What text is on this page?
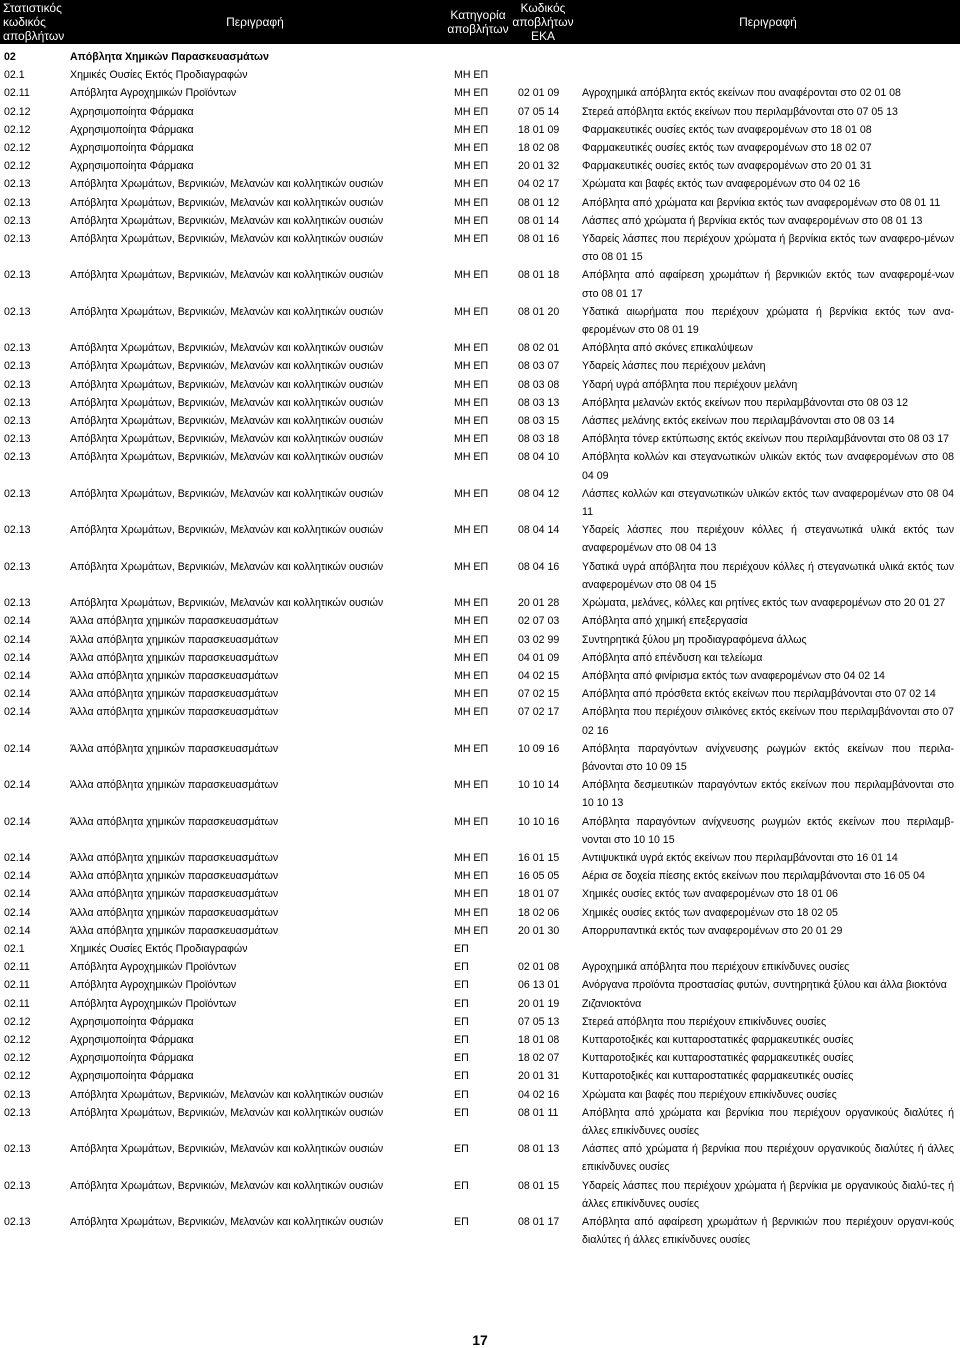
Στατιστικός κωδικός αποβλήτων	Περιγραφή	Κατηγορία αποβλήτων	Κωδικός αποβλήτων ΕΚΑ	Περιγραφή
02	Απόβλητα Χημικών Παρασκευασμάτων			
02.1	Χημικές Ουσίες Εκτός Προδιαγραφών	ΜΗ ΕΠ		
02.11	Απόβλητα Αγροχημικών Προϊόντων	ΜΗ ΕΠ	02 01 09	Αγροχημικά απόβλητα εκτός εκείνων που αναφέρονται στο 02 01 08
02.12	Αχρησιμοποίητα Φάρμακα	ΜΗ ΕΠ	07 05 14	Στερεά απόβλητα εκτός εκείνων που περιλαμβάνονται στο 07 05 13
02.12	Αχρησιμοποίητα Φάρμακα	ΜΗ ΕΠ	18 01 09	Φαρμακευτικές ουσίες εκτός των αναφερομένων στο 18 01 08
02.12	Αχρησιμοποίητα Φάρμακα	ΜΗ ΕΠ	18 02 08	Φαρμακευτικές ουσίες εκτός των αναφερομένων στο 18 02 07
02.12	Αχρησιμοποίητα Φάρμακα	ΜΗ ΕΠ	20 01 32	Φαρμακευτικές ουσίες εκτός των αναφερομένων στο 20 01 31
02.13	Απόβλητα Χρωμάτων, Βερνικιών, Μελανών και κολλητικών ουσιών	ΜΗ ΕΠ	04 02 17	Χρώματα και βαφές εκτός των αναφερομένων στο 04 02 16
02.13	Απόβλητα Χρωμάτων, Βερνικιών, Μελανών και κολλητικών ουσιών	ΜΗ ΕΠ	08 01 12	Απόβλητα από χρώματα και βερνίκια εκτός των αναφερομένων στο 08 01 11
02.13	Απόβλητα Χρωμάτων, Βερνικιών, Μελανών και κολλητικών ουσιών	ΜΗ ΕΠ	08 01 14	Λάσπες από χρώματα ή βερνίκια εκτός των αναφερομένων στο 08 01 13
02.13	Απόβλητα Χρωμάτων, Βερνικιών, Μελανών και κολλητικών ουσιών	ΜΗ ΕΠ	08 01 16	Υδαρείς λάσπες που περιέχουν χρώματα ή βερνίκια εκτός των αναφερο-μένων στο 08 01 15
02.13	Απόβλητα Χρωμάτων, Βερνικιών, Μελανών και κολλητικών ουσιών	ΜΗ ΕΠ	08 01 18	Απόβλητα από αφαίρεση χρωμάτων ή βερνικιών εκτός των αναφερομέ-νων στο 08 01 17
02.13	Απόβλητα Χρωμάτων, Βερνικιών, Μελανών και κολλητικών ουσιών	ΜΗ ΕΠ	08 01 20	Υδατικά αιωρήματα που περιέχουν χρώματα ή βερνίκια εκτός των ανα-φερομένων στο 08 01 19
02.13	Απόβλητα Χρωμάτων, Βερνικιών, Μελανών και κολλητικών ουσιών	ΜΗ ΕΠ	08 02 01	Απόβλητα από σκόνες επικαλύψεων
02.13	Απόβλητα Χρωμάτων, Βερνικιών, Μελανών και κολλητικών ουσιών	ΜΗ ΕΠ	08 03 07	Υδαρείς λάσπες που περιέχουν μελάνη
02.13	Απόβλητα Χρωμάτων, Βερνικιών, Μελανών και κολλητικών ουσιών	ΜΗ ΕΠ	08 03 08	Υδαρή υγρά απόβλητα που περιέχουν μελάνη
02.13	Απόβλητα Χρωμάτων, Βερνικιών, Μελανών και κολλητικών ουσιών	ΜΗ ΕΠ	08 03 13	Απόβλητα μελανών εκτός εκείνων που περιλαμβάνονται στο 08 03 12
02.13	Απόβλητα Χρωμάτων, Βερνικιών, Μελανών και κολλητικών ουσιών	ΜΗ ΕΠ	08 03 15	Λάσπες μελάνης εκτός εκείνων που περιλαμβάνονται στο 08 03 14
02.13	Απόβλητα Χρωμάτων, Βερνικιών, Μελανών και κολλητικών ουσιών	ΜΗ ΕΠ	08 03 18	Απόβλητα τόνερ εκτύπωσης εκτός εκείνων που περιλαμβάνονται στο 08 03 17
02.13	Απόβλητα Χρωμάτων, Βερνικιών, Μελανών και κολλητικών ουσιών	ΜΗ ΕΠ	08 04 10	Απόβλητα κολλών και στεγανωτικών υλικών εκτός των αναφερομένων στο 08 04 09
02.13	Απόβλητα Χρωμάτων, Βερνικιών, Μελανών και κολλητικών ουσιών	ΜΗ ΕΠ	08 04 12	Λάσπες κολλών και στεγανωτικών υλικών εκτός των αναφερομένων στο 08 04 11
02.13	Απόβλητα Χρωμάτων, Βερνικιών, Μελανών και κολλητικών ουσιών	ΜΗ ΕΠ	08 04 14	Υδαρείς λάσπες που περιέχουν κόλλες ή στεγανωτικά υλικά εκτός των αναφερομένων στο 08 04 13
02.13	Απόβλητα Χρωμάτων, Βερνικιών, Μελανών και κολλητικών ουσιών	ΜΗ ΕΠ	08 04 16	Υδατικά υγρά απόβλητα που περιέχουν κόλλες ή στεγανωτικά υλικά εκτός των αναφερομένων στο 08 04 15
02.13	Απόβλητα Χρωμάτων, Βερνικιών, Μελανών και κολλητικών ουσιών	ΜΗ ΕΠ	20 01 28	Χρώματα, μελάνες, κόλλες και ρητίνες εκτός των αναφερομένων στο 20 01 27
02.14	Άλλα απόβλητα χημικών παρασκευασμάτων	ΜΗ ΕΠ	02 07 03	Απόβλητα από χημική επεξεργασία
02.14	Άλλα απόβλητα χημικών παρασκευασμάτων	ΜΗ ΕΠ	03 02 99	Συντηρητικά ξύλου μη προδιαγραφόμενα άλλως
02.14	Άλλα απόβλητα χημικών παρασκευασμάτων	ΜΗ ΕΠ	04 01 09	Απόβλητα από επένδυση και τελείωμα
02.14	Άλλα απόβλητα χημικών παρασκευασμάτων	ΜΗ ΕΠ	04 02 15	Απόβλητα από φινίρισμα εκτός των αναφερομένων στο 04 02 14
02.14	Άλλα απόβλητα χημικών παρασκευασμάτων	ΜΗ ΕΠ	07 02 15	Απόβλητα από πρόσθετα εκτός εκείνων που περιλαμβάνονται στο 07 02 14
02.14	Άλλα απόβλητα χημικών παρασκευασμάτων	ΜΗ ΕΠ	07 02 17	Απόβλητα που περιέχουν σιλικόνες εκτός εκείνων που περιλαμβάνονται στο 07 02 16
02.14	Άλλα απόβλητα χημικών παρασκευασμάτων	ΜΗ ΕΠ	10 09 16	Απόβλητα παραγόντων ανίχνευσης ρωγμών εκτός εκείνων που περιλα-βάνονται στο 10 09 15
02.14	Άλλα απόβλητα χημικών παρασκευασμάτων	ΜΗ ΕΠ	10 10 14	Απόβλητα δεσμευτικών παραγόντων εκτός εκείνων που περιλαμβάνονται στο 10 10 13
02.14	Άλλα απόβλητα χημικών παρασκευασμάτων	ΜΗ ΕΠ	10 10 16	Απόβλητα παραγόντων ανίχνευσης ρωγμών εκτός εκείνων που περιλαμβ-νονται στο 10 10 15
02.14	Άλλα απόβλητα χημικών παρασκευασμάτων	ΜΗ ΕΠ	16 01 15	Αντιψυκτικά υγρά εκτός εκείνων που περιλαμβάνονται στο 16 01 14
02.14	Άλλα απόβλητα χημικών παρασκευασμάτων	ΜΗ ΕΠ	16 05 05	Αέρια σε δοχεία πίεσης εκτός εκείνων που περιλαμβάνονται στο 16 05 04
02.14	Άλλα απόβλητα χημικών παρασκευασμάτων	ΜΗ ΕΠ	18 01 07	Χημικές ουσίες εκτός των αναφερομένων στο 18 01 06
02.14	Άλλα απόβλητα χημικών παρασκευασμάτων	ΜΗ ΕΠ	18 02 06	Χημικές ουσίες εκτός των αναφερομένων στο 18 02 05
02.14	Άλλα απόβλητα χημικών παρασκευασμάτων	ΜΗ ΕΠ	20 01 30	Απορρυπαντικά εκτός των αναφερομένων στο 20 01 29
02.1	Χημικές Ουσίες Εκτός Προδιαγραφών	ΕΠ		
02.11	Απόβλητα Αγροχημικών Προϊόντων	ΕΠ	02 01 08	Αγροχημικά απόβλητα που περιέχουν επικίνδυνες ουσίες
02.11	Απόβλητα Αγροχημικών Προϊόντων	ΕΠ	06 13 01	Ανόργανα προϊόντα προστασίας φυτών, συντηρητικά ξύλου και άλλα βιοκτόνα
02.11	Απόβλητα Αγροχημικών Προϊόντων	ΕΠ	20 01 19	Ζιζανιοκτόνα
02.12	Αχρησιμοποίητα Φάρμακα	ΕΠ	07 05 13	Στερεά απόβλητα που περιέχουν επικίνδυνες ουσίες
02.12	Αχρησιμοποίητα Φάρμακα	ΕΠ	18 01 08	Κυτταροτοξικές και κυτταροστατικές φαρμακευτικές ουσίες
02.12	Αχρησιμοποίητα Φάρμακα	ΕΠ	18 02 07	Κυτταροτοξικές και κυτταροστατικές φαρμακευτικές ουσίες
02.12	Αχρησιμοποίητα Φάρμακα	ΕΠ	20 01 31	Κυτταροτοξικές και κυτταροστατικές φαρμακευτικές ουσίες
02.13	Απόβλητα Χρωμάτων, Βερνικιών, Μελανών και κολλητικών ουσιών	ΕΠ	04 02 16	Χρώματα και βαφές που περιέχουν επικίνδυνες ουσίες
02.13	Απόβλητα Χρωμάτων, Βερνικιών, Μελανών και κολλητικών ουσιών	ΕΠ	08 01 11	Απόβλητα από χρώματα και βερνίκια που περιέχουν οργανικούς διαλύτες ή άλλες επικίνδυνες ουσίες
02.13	Απόβλητα Χρωμάτων, Βερνικιών, Μελανών και κολλητικών ουσιών	ΕΠ	08 01 13	Λάσπες από χρώματα ή βερνίκια που περιέχουν οργανικούς διαλύτες ή άλλες επικίνδυνες ουσίες
02.13	Απόβλητα Χρωμάτων, Βερνικιών, Μελανών και κολλητικών ουσιών	ΕΠ	08 01 15	Υδαρείς λάσπες που περιέχουν χρώματα ή βερνίκια με οργανικούς διαλύ-τες ή άλλες επικίνδυνες ουσίες
02.13	Απόβλητα Χρωμάτων, Βερνικιών, Μελανών και κολλητικών ουσιών	ΕΠ	08 01 17	Απόβλητα από αφαίρεση χρωμάτων ή βερνικιών που περιέχουν οργανι-κούς διαλύτες ή άλλες επικίνδυνες ουσίες
17
